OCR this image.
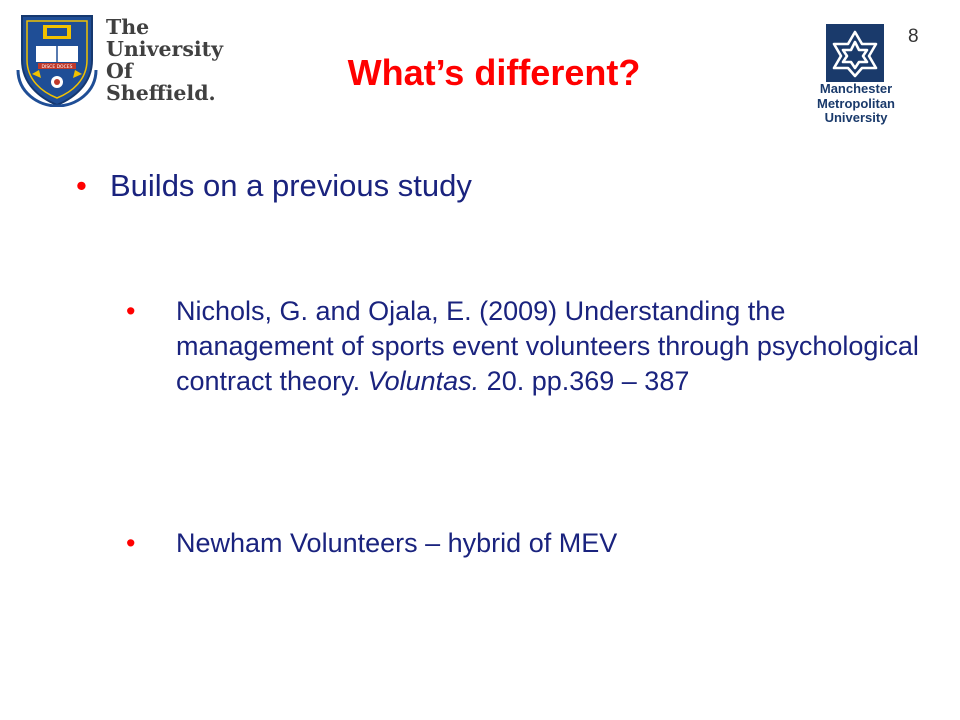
DISCE DOCES
The
University
Of
Sheffield.	Manchester
Metropolitan
University
8
What’s different?
• Builds on a previous study
• Nichols, G. and Ojala, E. (2009) Understanding the management of sports event volunteers through psychological contract theory. Voluntas. 20. pp.369 – 387
• Newham Volunteers – hybrid of MEV
